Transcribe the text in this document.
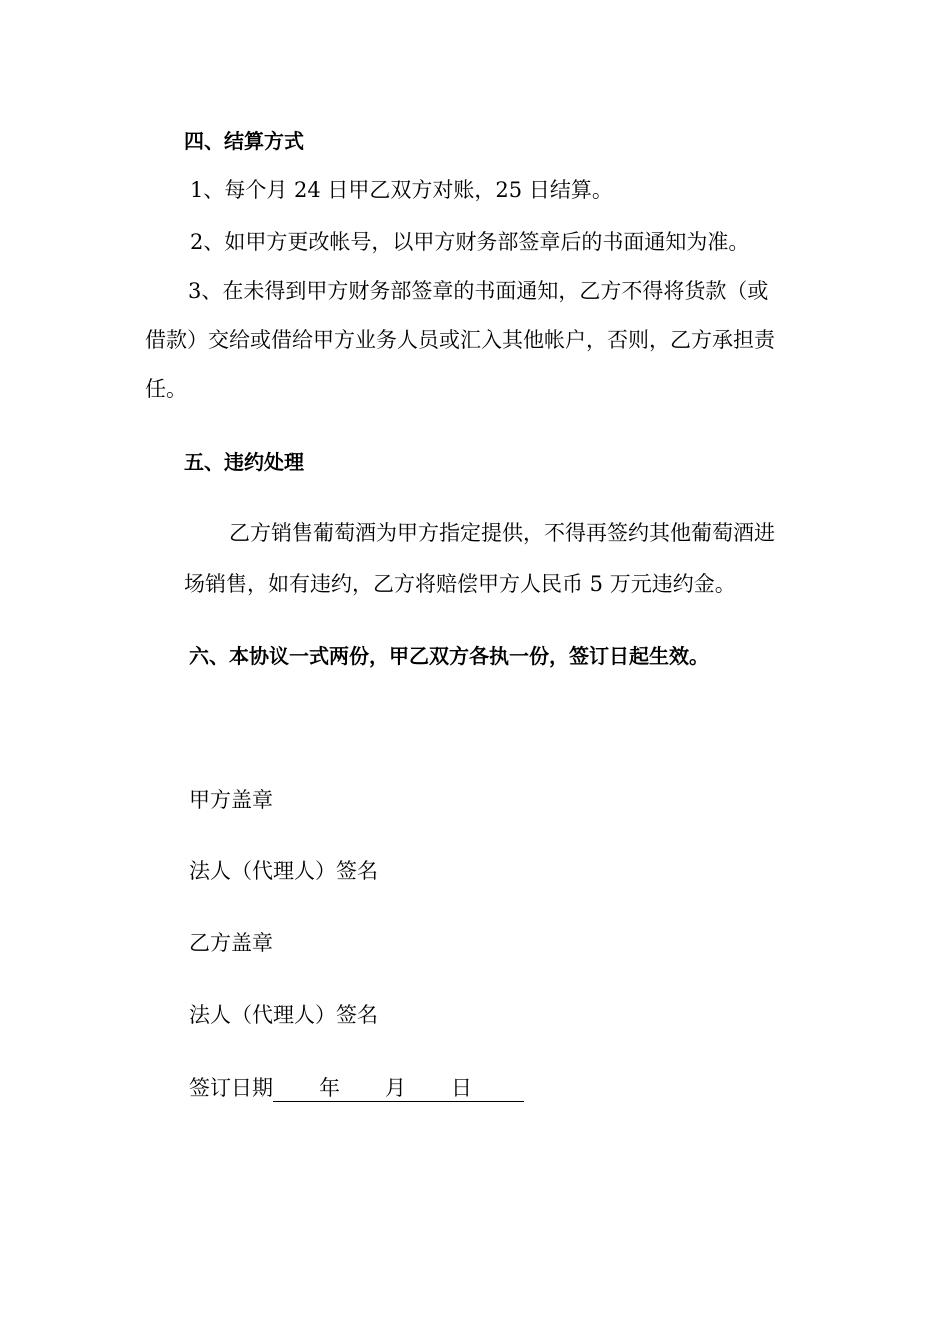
四、结算方式
1、每个月 24 日甲乙双方对账，25 日结算。
2、如甲方更改帐号，以甲方财务部签章后的书面通知为准。
3、在未得到甲方财务部签章的书面通知，乙方不得将货款（或
借款）交给或借给甲方业务人员或汇入其他帐户，否则，乙方承担责
任。
五、违约处理
乙方销售葡萄酒为甲方指定提供，不得再签约其他葡萄酒进
场销售，如有违约，乙方将赔偿甲方人民币 5 万元违约金。
六、本协议一式两份，甲乙双方各执一份，签订日起生效。
甲方盖章
法人（代理人）签名
乙方盖章
法人（代理人）签名
签订日期 年 月 日
